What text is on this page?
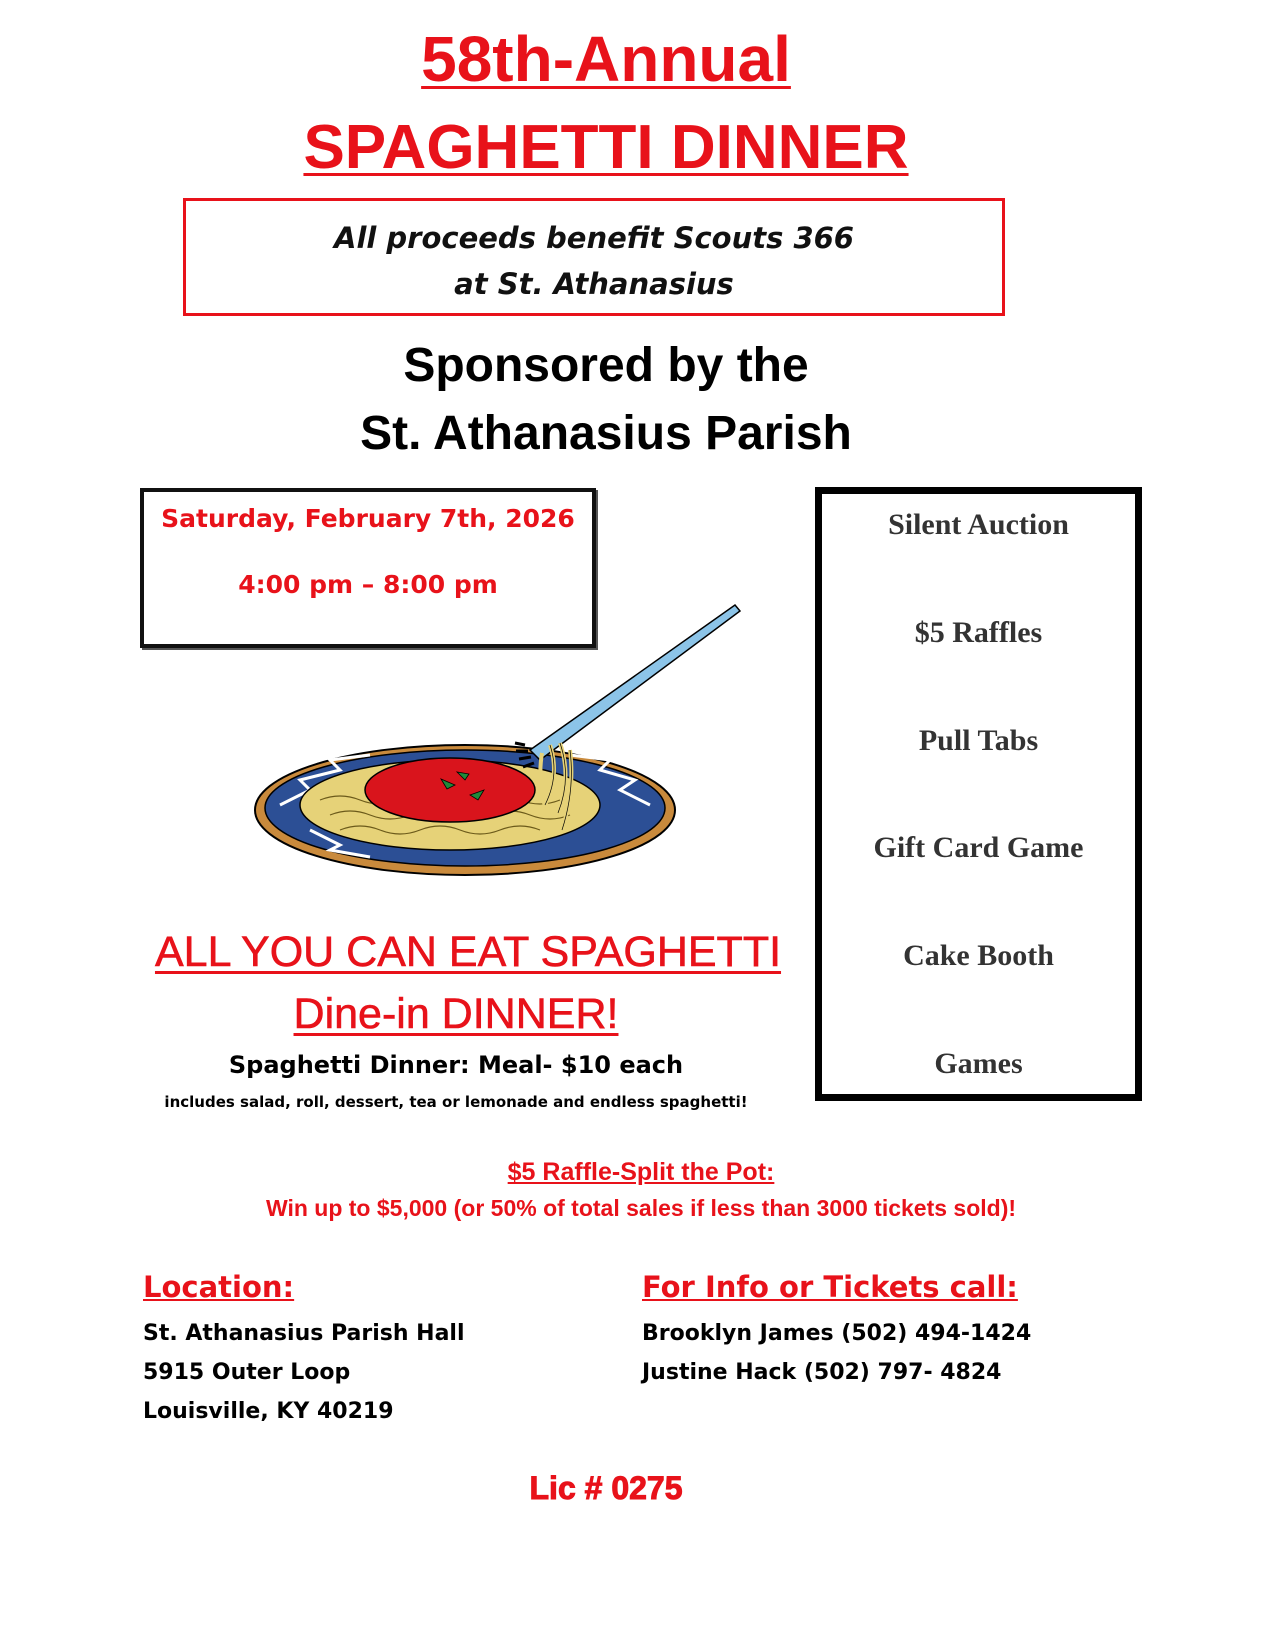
58th-Annual
SPAGHETTI DINNER
All proceeds benefit Scouts 366
at St. Athanasius
Sponsored by the
St. Athanasius Parish
Saturday, February 7th, 2026
4:00 pm – 8:00 pm
Silent Auction
$5 Raffles
Pull Tabs
Gift Card Game
Cake Booth
Games
ALL YOU CAN EAT SPAGHETTI
Dine-in DINNER!
Spaghetti Dinner: Meal- $10 each
includes salad, roll, dessert, tea or lemonade and endless spaghetti!
$5 Raffle-Split the Pot:
Win up to $5,000 (or 50% of total sales if less than 3000 tickets sold)!
Location:
St. Athanasius Parish Hall
5915 Outer Loop
Louisville, KY 40219
For Info or Tickets call:
Brooklyn James (502) 494-1424
Justine Hack (502) 797- 4824
Lic # 0275
